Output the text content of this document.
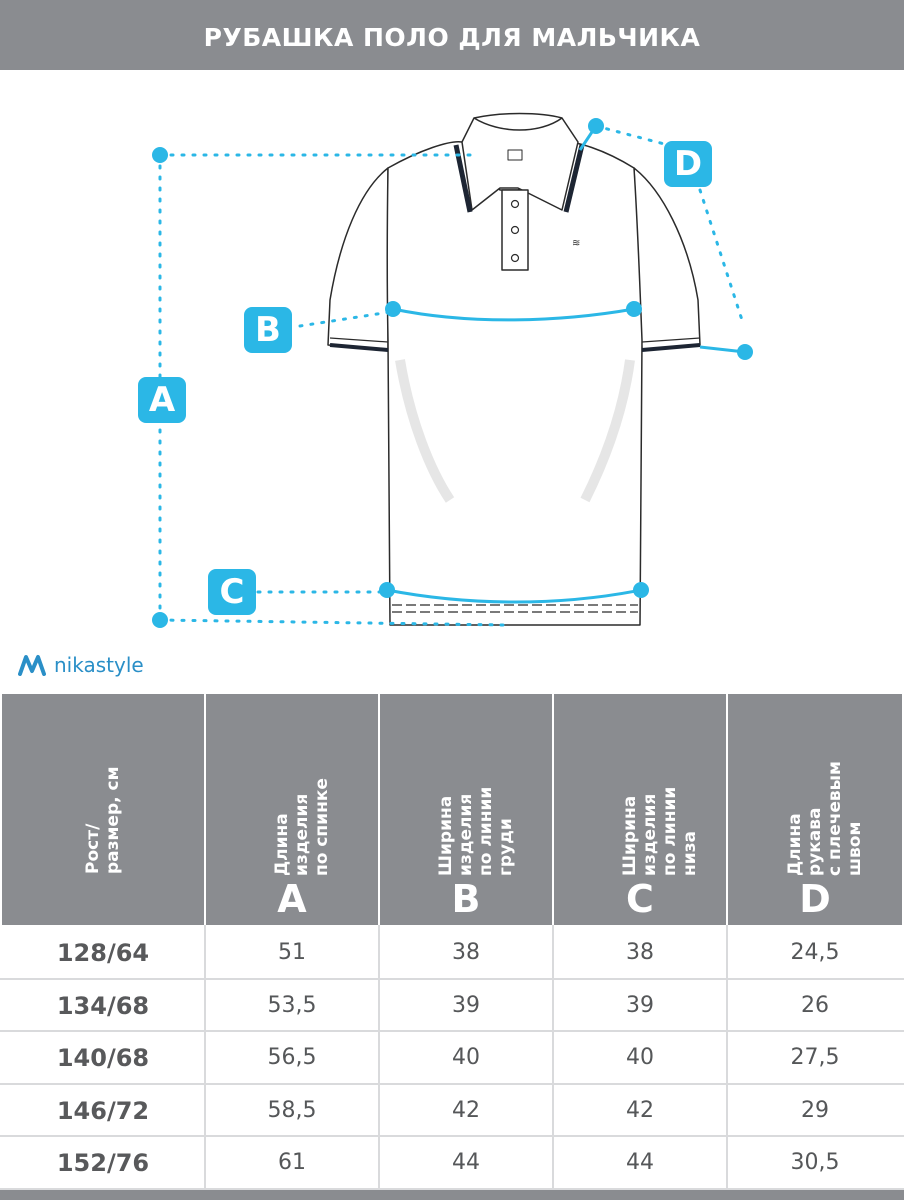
РУБАШКА ПОЛО ДЛЯ МАЛЬЧИКА
≋
A
B
C
D
nikastyle
Рост/
размер, см
Длина изделия
по спинке
A
Ширина изделия
по линии
груди
B
Ширина изделия
по линии низа
C
Длина рукава
с плечевым
швом
D
128/64	51	38	38	24,5
134/68	53,5	39	39	26
140/68	56,5	40	40	27,5
146/72	58,5	42	42	29
152/76	61	44	44	30,5
